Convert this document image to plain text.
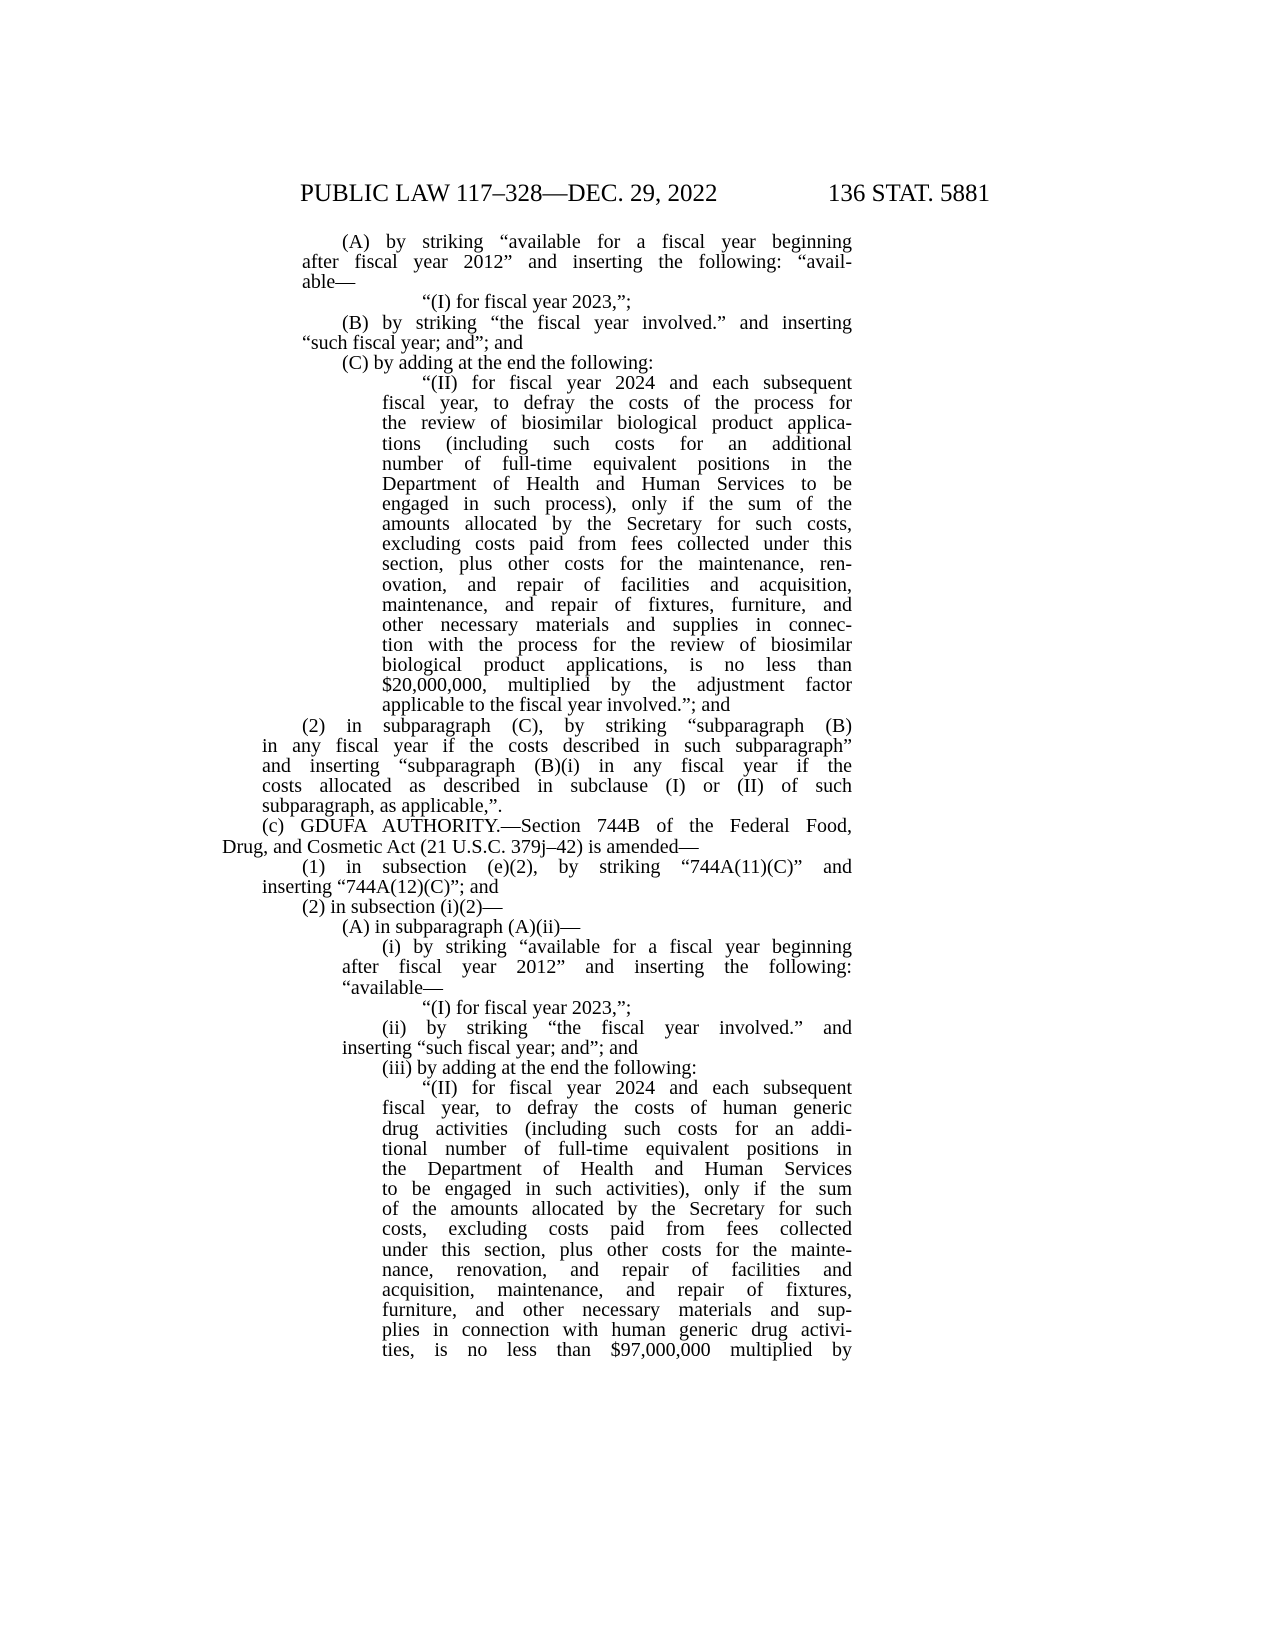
PUBLIC LAW 117–328—DEC. 29, 2022	136 STAT. 5881
(A) by striking “available for a fiscal year beginning
after fiscal year 2012” and inserting the following: “avail-
able—
“(I) for fiscal year 2023,”;
(B) by striking “the fiscal year involved.” and inserting
“such fiscal year; and”; and
(C) by adding at the end the following:
“(II) for fiscal year 2024 and each subsequent
fiscal year, to defray the costs of the process for
the review of biosimilar biological product applica-
tions (including such costs for an additional
number of full-time equivalent positions in the
Department of Health and Human Services to be
engaged in such process), only if the sum of the
amounts allocated by the Secretary for such costs,
excluding costs paid from fees collected under this
section, plus other costs for the maintenance, ren-
ovation, and repair of facilities and acquisition,
maintenance, and repair of fixtures, furniture, and
other necessary materials and supplies in connec-
tion with the process for the review of biosimilar
biological product applications, is no less than
$20,000,000, multiplied by the adjustment factor
applicable to the fiscal year involved.”; and
(2) in subparagraph (C), by striking “subparagraph (B)
in any fiscal year if the costs described in such subparagraph”
and inserting “subparagraph (B)(i) in any fiscal year if the
costs allocated as described in subclause (I) or (II) of such
subparagraph, as applicable,”.
(c) GDUFA AUTHORITY.—Section 744B of the Federal Food,
Drug, and Cosmetic Act (21 U.S.C. 379j–42) is amended—
(1) in subsection (e)(2), by striking “744A(11)(C)” and
inserting “744A(12)(C)”; and
(2) in subsection (i)(2)—
(A) in subparagraph (A)(ii)—
(i) by striking “available for a fiscal year beginning
after fiscal year 2012” and inserting the following:
“available—
“(I) for fiscal year 2023,”;
(ii) by striking “the fiscal year involved.” and
inserting “such fiscal year; and”; and
(iii) by adding at the end the following:
“(II) for fiscal year 2024 and each subsequent
fiscal year, to defray the costs of human generic
drug activities (including such costs for an addi-
tional number of full-time equivalent positions in
the Department of Health and Human Services
to be engaged in such activities), only if the sum
of the amounts allocated by the Secretary for such
costs, excluding costs paid from fees collected
under this section, plus other costs for the mainte-
nance, renovation, and repair of facilities and
acquisition, maintenance, and repair of fixtures,
furniture, and other necessary materials and sup-
plies in connection with human generic drug activi-
ties, is no less than $97,000,000 multiplied by
